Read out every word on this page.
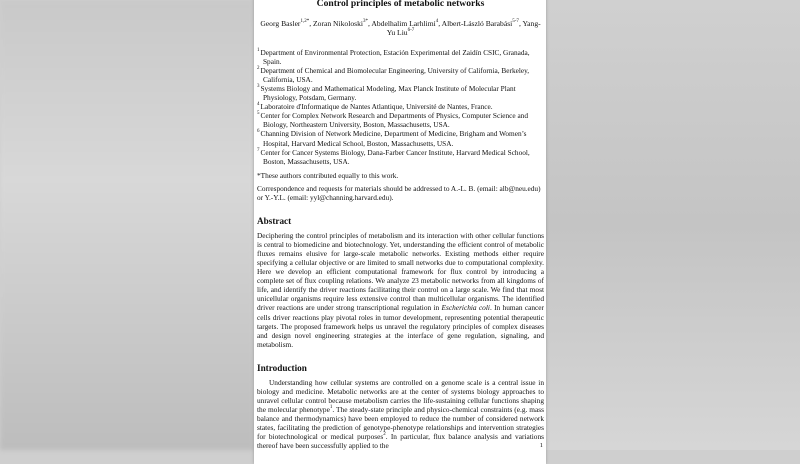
Control principles of metabolic networks
Georg Basler$^{1,2*}$, Zoran Nikoloski$^{3*}$, Abdelhalim Larhlimi$^4$, Albert-László Barabási$^{5-7}$, Yang-Yu Liu$^{6-7}$
$^1$Department of Environmental Protection, Estación Experimental del Zaidín CSIC, Granada, Spain.
$^2$Department of Chemical and Biomolecular Engineering, University of California, Berkeley, California, USA.
$^3$Systems Biology and Mathematical Modeling, Max Planck Institute of Molecular Plant Physiology, Potsdam, Germany.
$^4$Laboratoire d'Informatique de Nantes Atlantique, Université de Nantes, France.
$^5$Center for Complex Network Research and Departments of Physics, Computer Science and Biology, Northeastern University, Boston, Massachusetts, USA.
$^6$Channing Division of Network Medicine, Department of Medicine, Brigham and Women’s Hospital, Harvard Medical School, Boston, Massachusetts, USA.
$^7$Center for Cancer Systems Biology, Dana-Farber Cancer Institute, Harvard Medical School, Boston, Massachusetts, USA.
*These authors contributed equally to this work.
Correspondence and requests for materials should be addressed to A.-L. B. (email: alb@neu.edu) or Y.-Y.L. (email: yyl@channing.harvard.edu).
Abstract
Deciphering the control principles of metabolism and its interaction with other cellular functions is central to biomedicine and biotechnology. Yet, understanding the efficient control of metabolic fluxes remains elusive for large-scale metabolic networks. Existing methods either require specifying a cellular objective or are limited to small networks due to computational complexity. Here we develop an efficient computational framework for flux control by introducing a complete set of flux coupling relations. We analyze 23 metabolic networks from all kingdoms of life, and identify the driver reactions facilitating their control on a large scale. We find that most unicellular organisms require less extensive control than multicellular organisms. The identified driver reactions are under strong transcriptional regulation in Escherichia coli. In human cancer cells driver reactions play pivotal roles in tumor development, representing potential therapeutic targets. The proposed framework helps us unravel the regulatory principles of complex diseases and design novel engineering strategies at the interface of gene regulation, signaling, and metabolism.
Introduction
Understanding how cellular systems are controlled on a genome scale is a central issue in biology and medicine. Metabolic networks are at the center of systems biology approaches to unravel cellular control because metabolism carries the life-sustaining cellular functions shaping the molecular phenotype$^1$. The steady-state principle and physico-chemical constraints (e.g. mass balance and thermodynamics) have been employed to reduce the number of considered network states, facilitating the prediction of genotype-phenotype relationships and intervention strategies for biotechnological or medical purposes$^2$. In particular, flux balance analysis and variations thereof have been successfully applied to the	1
